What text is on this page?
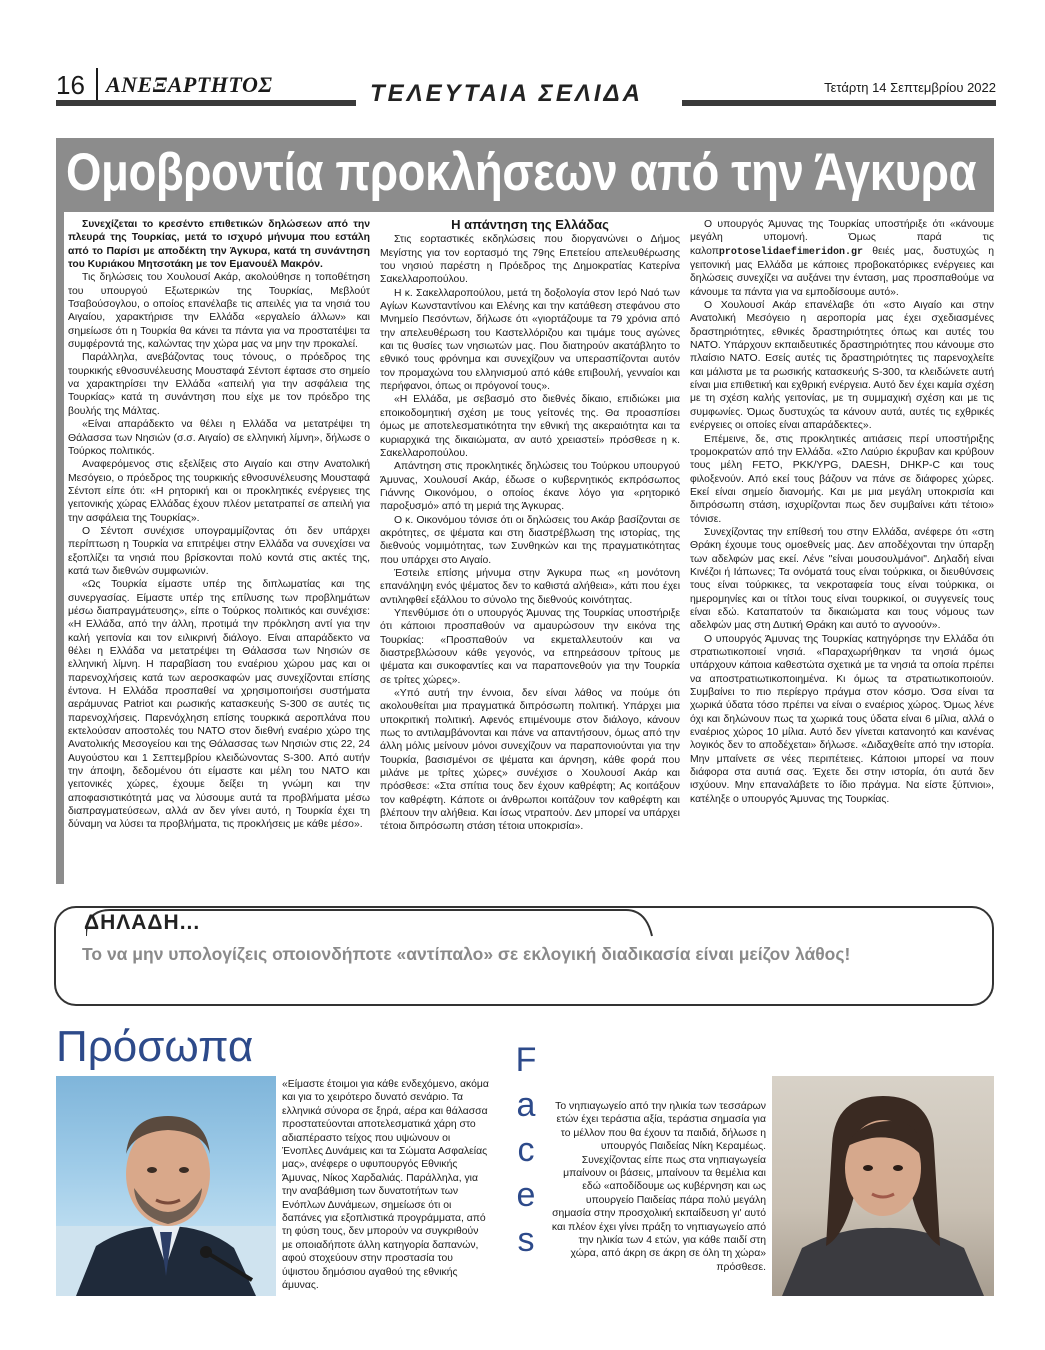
16 ΑΝΕΞΑΡΤΗΤΟΣ	ΤΕΛΕΥΤΑΙΑ ΣΕΛΙΔΑ	Τετάρτη 14 Σεπτεμβρίου 2022
Ομοβροντία προκλήσεων από την Άγκυρα

Συνεχίζεται το κρεσέντο επιθετικών δηλώσεων από την πλευρά της Τουρκίας, μετά το ισχυρό μήνυμα που εστάλη από το Παρίσι με αποδέκτη την Άγκυρα, κατά τη συνάντηση του Κυριάκου Μητσοτάκη με τον Εμανουέλ Μακρόν.

Τις δηλώσεις του Χουλουσί Ακάρ, ακολούθησε η τοποθέτηση του υπουργού Εξωτερικών της Τουρκίας, Μεβλούτ Τσαβούσογλου, ο οποίος επανέλαβε τις απειλές για τα νησιά του Αιγαίου, χαρακτήρισε την Ελλάδα «εργαλείο άλλων» και σημείωσε ότι η Τουρκία θα κάνει τα πάντα για να προστατέψει τα συμφέροντά της, καλώντας την χώρα μας να μην την προκαλεί.

Παράλληλα, ανεβάζοντας τους τόνους, ο πρόεδρος της τουρκικής εθνοσυνέλευσης Μουσταφά Σέντοπ έφτασε στο σημείο να χαρακτηρίσει την Ελλάδα «απειλή για την ασφάλεια της Τουρκίας» κατά τη συνάντηση που είχε με τον πρόεδρο της βουλής της Μάλτας.

«Είναι απαράδεκτο να θέλει η Ελλάδα να μετατρέψει τη Θάλασσα των Νησιών (σ.σ. Αιγαίο) σε ελληνική λίμνη», δήλωσε ο Τούρκος πολιτικός.

Αναφερόμενος στις εξελίξεις στο Αιγαίο και στην Ανατολική Μεσόγειο, ο πρόεδρος της τουρκικής εθνοσυνέλευσης Μουσταφά Σέντοπ είπε ότι: «Η ρητορική και οι προκλητικές ενέργειες της γειτονικής χώρας Ελλάδας έχουν πλέον μετατραπεί σε απειλή για την ασφάλεια της Τουρκίας».

Ο Σέντοπ συνέχισε υπογραμμίζοντας ότι δεν υπάρχει περίπτωση η Τουρκία να επιτρέψει στην Ελλάδα να συνεχίσει να εξοπλίζει τα νησιά που βρίσκονται πολύ κοντά στις ακτές της, κατά των διεθνών συμφωνιών.

«Ως Τουρκία είμαστε υπέρ της διπλωματίας και της συνεργασίας. Είμαστε υπέρ της επίλυσης των προβλημάτων μέσω διαπραγμάτευσης», είπε ο Τούρκος πολιτικός και συνέχισε: «Η Ελλάδα, από την άλλη, προτιμά την πρόκληση αντί για την καλή γειτονία και τον ειλικρινή διάλογο. Είναι απαράδεκτο να θέλει η Ελλάδα να μετατρέψει τη Θάλασσα των Νησιών σε ελληνική λίμνη. Η παραβίαση του εναέριου χώρου μας και οι παρενοχλήσεις κατά των αεροσκαφών μας συνεχίζονται επίσης έντονα. Η Ελλάδα προσπαθεί να χρησιμοποιήσει συστήματα αεράμυνας Patriot και ρωσικής κατασκευής S-300 σε αυτές τις παρενοχλήσεις. Παρενόχληση επίσης τουρκικά αεροπλάνα που εκτελούσαν αποστολές του ΝΑΤΟ στον διεθνή εναέριο χώρο της Ανατολικής Μεσογείου και της Θάλασσας των Νησιών στις 22, 24 Αυγούστου και 1 Σεπτεμβρίου κλειδώνοντας S-300. Από αυτήν την άποψη, δεδομένου ότι είμαστε και μέλη του ΝΑΤΟ και γειτονικές χώρες, έχουμε δείξει τη γνώμη και την αποφασιστικότητά μας να λύσουμε αυτά τα προβλήματα μέσω διαπραγματεύσεων, αλλά αν δεν γίνει αυτό, η Τουρκία έχει τη δύναμη να λύσει τα προβλήματα, τις προκλήσεις με κάθε μέσο».

Η απάντηση της Ελλάδας

Στις εορταστικές εκδηλώσεις που διοργανώνει ο Δήμος Μεγίστης για τον εορτασμό της 79ης Επετείου απελευθέρωσης του νησιού παρέστη η Πρόεδρος της Δημοκρατίας Κατερίνα Σακελλαροπούλου.

Η κ. Σακελλαροπούλου, μετά τη δοξολογία στον Ιερό Ναό των Αγίων Κωνσταντίνου και Ελένης και την κατάθεση στεφάνου στο Μνημείο Πεσόντων, δήλωσε ότι «γιορτάζουμε τα 79 χρόνια από την απελευθέρωση του Καστελλόριζου και τιμάμε τους αγώνες και τις θυσίες των νησιωτών μας. Που διατηρούν ακατάβλητο το εθνικό τους φρόνημα και συνεχίζουν να υπερασπίζονται αυτόν τον προμαχώνα του ελληνισμού από κάθε επιβουλή, γενναίοι και περήφανοι, όπως οι πρόγονοί τους».

«Η Ελλάδα, με σεβασμό στο διεθνές δίκαιο, επιδιώκει μια εποικοδομητική σχέση με τους γείτονές της. Θα προασπίσει όμως με αποτελεσματικότητα την εθνική της ακεραιότητα και τα κυριαρχικά της δικαιώματα, αν αυτό χρειαστεί» πρόσθεσε η κ. Σακελλαροπούλου.

Απάντηση στις προκλητικές δηλώσεις του Τούρκου υπουργού Άμυνας, Χουλουσί Ακάρ, έδωσε ο κυβερνητικός εκπρόσωπος Γιάννης Οικονόμου, ο οποίος έκανε λόγο για «ρητορικό παροξυσμό» από τη μεριά της Άγκυρας.

Ο κ. Οικονόμου τόνισε ότι οι δηλώσεις του Ακάρ βασίζονται σε ακρότητες, σε ψέματα και στη διαστρέβλωση της ιστορίας, της διεθνούς νομιμότητας, των Συνθηκών και της πραγματικότητας που υπάρχει στο Αιγαίο.

Έστειλε επίσης μήνυμα στην Άγκυρα πως «η μονότονη επανάληψη ενός ψέματος δεν το καθιστά αλήθεια», κάτι που έχει αντιληφθεί εξάλλου το σύνολο της διεθνούς κοινότητας.

Υπενθύμισε ότι ο υπουργός Άμυνας της Τουρκίας υποστήριξε ότι κάποιοι προσπαθούν να αμαυρώσουν την εικόνα της Τουρκίας: «Προσπαθούν να εκμεταλλευτούν και να διαστρεβλώσουν κάθε γεγονός, να επηρεάσουν τρίτους με ψέματα και συκοφαντίες και να παραπονεθούν για την Τουρκία σε τρίτες χώρες».

«Υπό αυτή την έννοια, δεν είναι λάθος να πούμε ότι ακολουθείται μια πραγματικά διπρόσωπη πολιτική. Υπάρχει μια υποκριτική πολιτική. Αφενός επιμένουμε στον διάλογο, κάνουν πως το αντιλαμβάνονται και πάνε να απαντήσουν, όμως από την άλλη μόλις μείνουν μόνοι συνεχίζουν να παραπονιούνται για την Τουρκία, βασισμένοι σε ψέματα και άρνηση, κάθε φορά που μιλάνε με τρίτες χώρες» συνέχισε ο Χουλουσί Ακάρ και πρόσθεσε: «Στα σπίτια τους δεν έχουν καθρέφτη; Ας κοιτάξουν τον καθρέφτη. Κάποτε οι άνθρωποι κοιτάζουν τον καθρέφτη και βλέπουν την αλήθεια. Και ίσως ντραπούν. Δεν μπορεί να υπάρχει τέτοια διπρόσωπη στάση τέτοια υποκρισία».

Ο υπουργός Άμυνας της Τουρκίας υποστήριξε ότι «κάνουμε μεγάλη υπομονή. Όμως παρά τις καλοπprotoselidaefimeridon.gr θειές μας, δυστυχώς η γειτονική μας Ελλάδα με κάποιες προβοκατόρικες ενέργειες και δηλώσεις συνεχίζει να αυξάνει την ένταση, μας προσπαθούμε να κάνουμε τα πάντα για να εμποδίσουμε αυτό».

Ο Χουλουσί Ακάρ επανέλαβε ότι «στο Αιγαίο και στην Ανατολική Μεσόγειο η αεροπορία μας έχει σχεδιασμένες δραστηριότητες, εθνικές δραστηριότητες όπως και αυτές του ΝΑΤΟ. Υπάρχουν εκπαιδευτικές δραστηριότητες που κάνουμε στο πλαίσιο ΝΑΤΟ. Εσείς αυτές τις δραστηριότητες τις παρενοχλείτε και μάλιστα με τα ρωσικής κατασκευής S-300, τα κλειδώνετε αυτή είναι μια επιθετική και εχθρική ενέργεια. Αυτό δεν έχει καμία σχέση με τη σχέση καλής γειτονίας, με τη συμμαχική σχέση και με τις συμφωνίες. Όμως δυστυχώς τα κάνουν αυτά, αυτές τις εχθρικές ενέργειες οι οποίες είναι απαράδεκτες».

Επέμεινε, δε, στις προκλητικές αιτιάσεις περί υποστήριξης τρομοκρατών από την Ελλάδα. «Στο Λαύριο έκρυβαν και κρύβουν τους μέλη FETO, PKK/YPG, DAESH, DHKP-C και τους φιλοξενούν. Από εκεί τους βάζουν να πάνε σε διάφορες χώρες. Εκεί είναι σημείο διανομής. Και με μια μεγάλη υποκρισία και διπρόσωπη στάση, ισχυρίζονται πως δεν συμβαίνει κάτι τέτοιο» τόνισε.

Συνεχίζοντας την επίθεσή του στην Ελλάδα, ανέφερε ότι «στη Θράκη έχουμε τους ομοεθνείς μας. Δεν αποδέχονται την ύπαρξη των αδελφών μας εκεί. Λένε "είναι μουσουλμάνοι". Δηλαδή είναι Κινέζοι ή Ιάπωνες; Τα ονόματά τους είναι τούρκικα, οι διευθύνσεις τους είναι τούρκικες, τα νεκροταφεία τους είναι τούρκικα, οι ημερομηνίες και οι τίτλοι τους είναι τουρκικοί, οι συγγενείς τους είναι εδώ. Καταπατούν τα δικαιώματα και τους νόμους των αδελφών μας στη Δυτική Θράκη και αυτό το αγνοούν».

Ο υπουργός Άμυνας της Τουρκίας κατηγόρησε την Ελλάδα ότι στρατιωτικοποιεί νησιά. «Παραχωρήθηκαν τα νησιά όμως υπάρχουν κάποια καθεστώτα σχετικά με τα νησιά τα οποία πρέπει να αποστρατιωτικοποιημένα. Κι όμως τα στρατιωτικοποιούν. Συμβαίνει το πιο περίεργο πράγμα στον κόσμο. Όσα είναι τα χωρικά ύδατα τόσο πρέπει να είναι ο εναέριος χώρος. Όμως λένε όχι και δηλώνουν πως τα χωρικά τους ύδατα είναι 6 μίλια, αλλά ο εναέριος χώρος 10 μίλια. Αυτό δεν γίνεται κατανοητό και κανένας λογικός δεν το αποδέχεται» δήλωσε. «Διδαχθείτε από την ιστορία. Μην μπαίνετε σε νέες περιπέτειες. Κάποιοι μπορεί να πουν διάφορα στα αυτιά σας. Έχετε δει στην ιστορία, ότι αυτά δεν ισχύουν. Μην επαναλάβετε το ίδιο πράγμα. Να είστε ξύπνιοι», κατέληξε ο υπουργός Άμυνας της Τουρκίας.

ΔΗΛΑΔΗ...
Το να μην υπολογίζεις οποιονδήποτε «αντίπαλο» σε εκλογική διαδικασία είναι μείζον λάθος!
Πρόσωπα	F
a
c
e
s
«Είμαστε έτοιμοι για κάθε ενδεχόμενο, ακόμα και για το χειρότερο δυνατό σενάριο. Τα ελληνικά σύνορα σε ξηρά, αέρα και θάλασσα προστατεύονται αποτελεσματικά χάρη στο αδιαπέραστο τείχος που υψώνουν οι Ένοπλες Δυνάμεις και τα Σώματα Ασφαλείας μας», ανέφερε ο υφυπουργός Εθνικής Άμυνας, Νίκος Χαρδαλιάς. Παράλληλα, για την αναβάθμιση των δυνατοτήτων των Ενόπλων Δυνάμεων, σημείωσε ότι οι δαπάνες για εξοπλιστικά προγράμματα, από τη φύση τους, δεν μπορούν να συγκριθούν με οποιαδήποτε άλλη κατηγορία δαπανών, αφού στοχεύουν στην προστασία του ύψιστου δημόσιου αγαθού της εθνικής άμυνας.
Το νηπιαγωγείο από την ηλικία των τεσσάρων ετών έχει τεράστια αξία, τεράστια σημασία για το μέλλον που θα έχουν τα παιδιά, δήλωσε η υπουργός Παιδείας Νίκη Κεραμέως. Συνεχίζοντας είπε πως στα νηπιαγωγεία μπαίνουν οι βάσεις, μπαίνουν τα θεμέλια και εδώ «αποδίδουμε ως κυβέρνηση και ως υπουργείο Παιδείας πάρα πολύ μεγάλη σημασία στην προσχολική εκπαίδευση γι' αυτό και πλέον έχει γίνει πράξη το νηπιαγωγείο από την ηλικία των 4 ετών, για κάθε παιδί στη χώρα, από άκρη σε άκρη σε όλη τη χώρα» πρόσθεσε.
